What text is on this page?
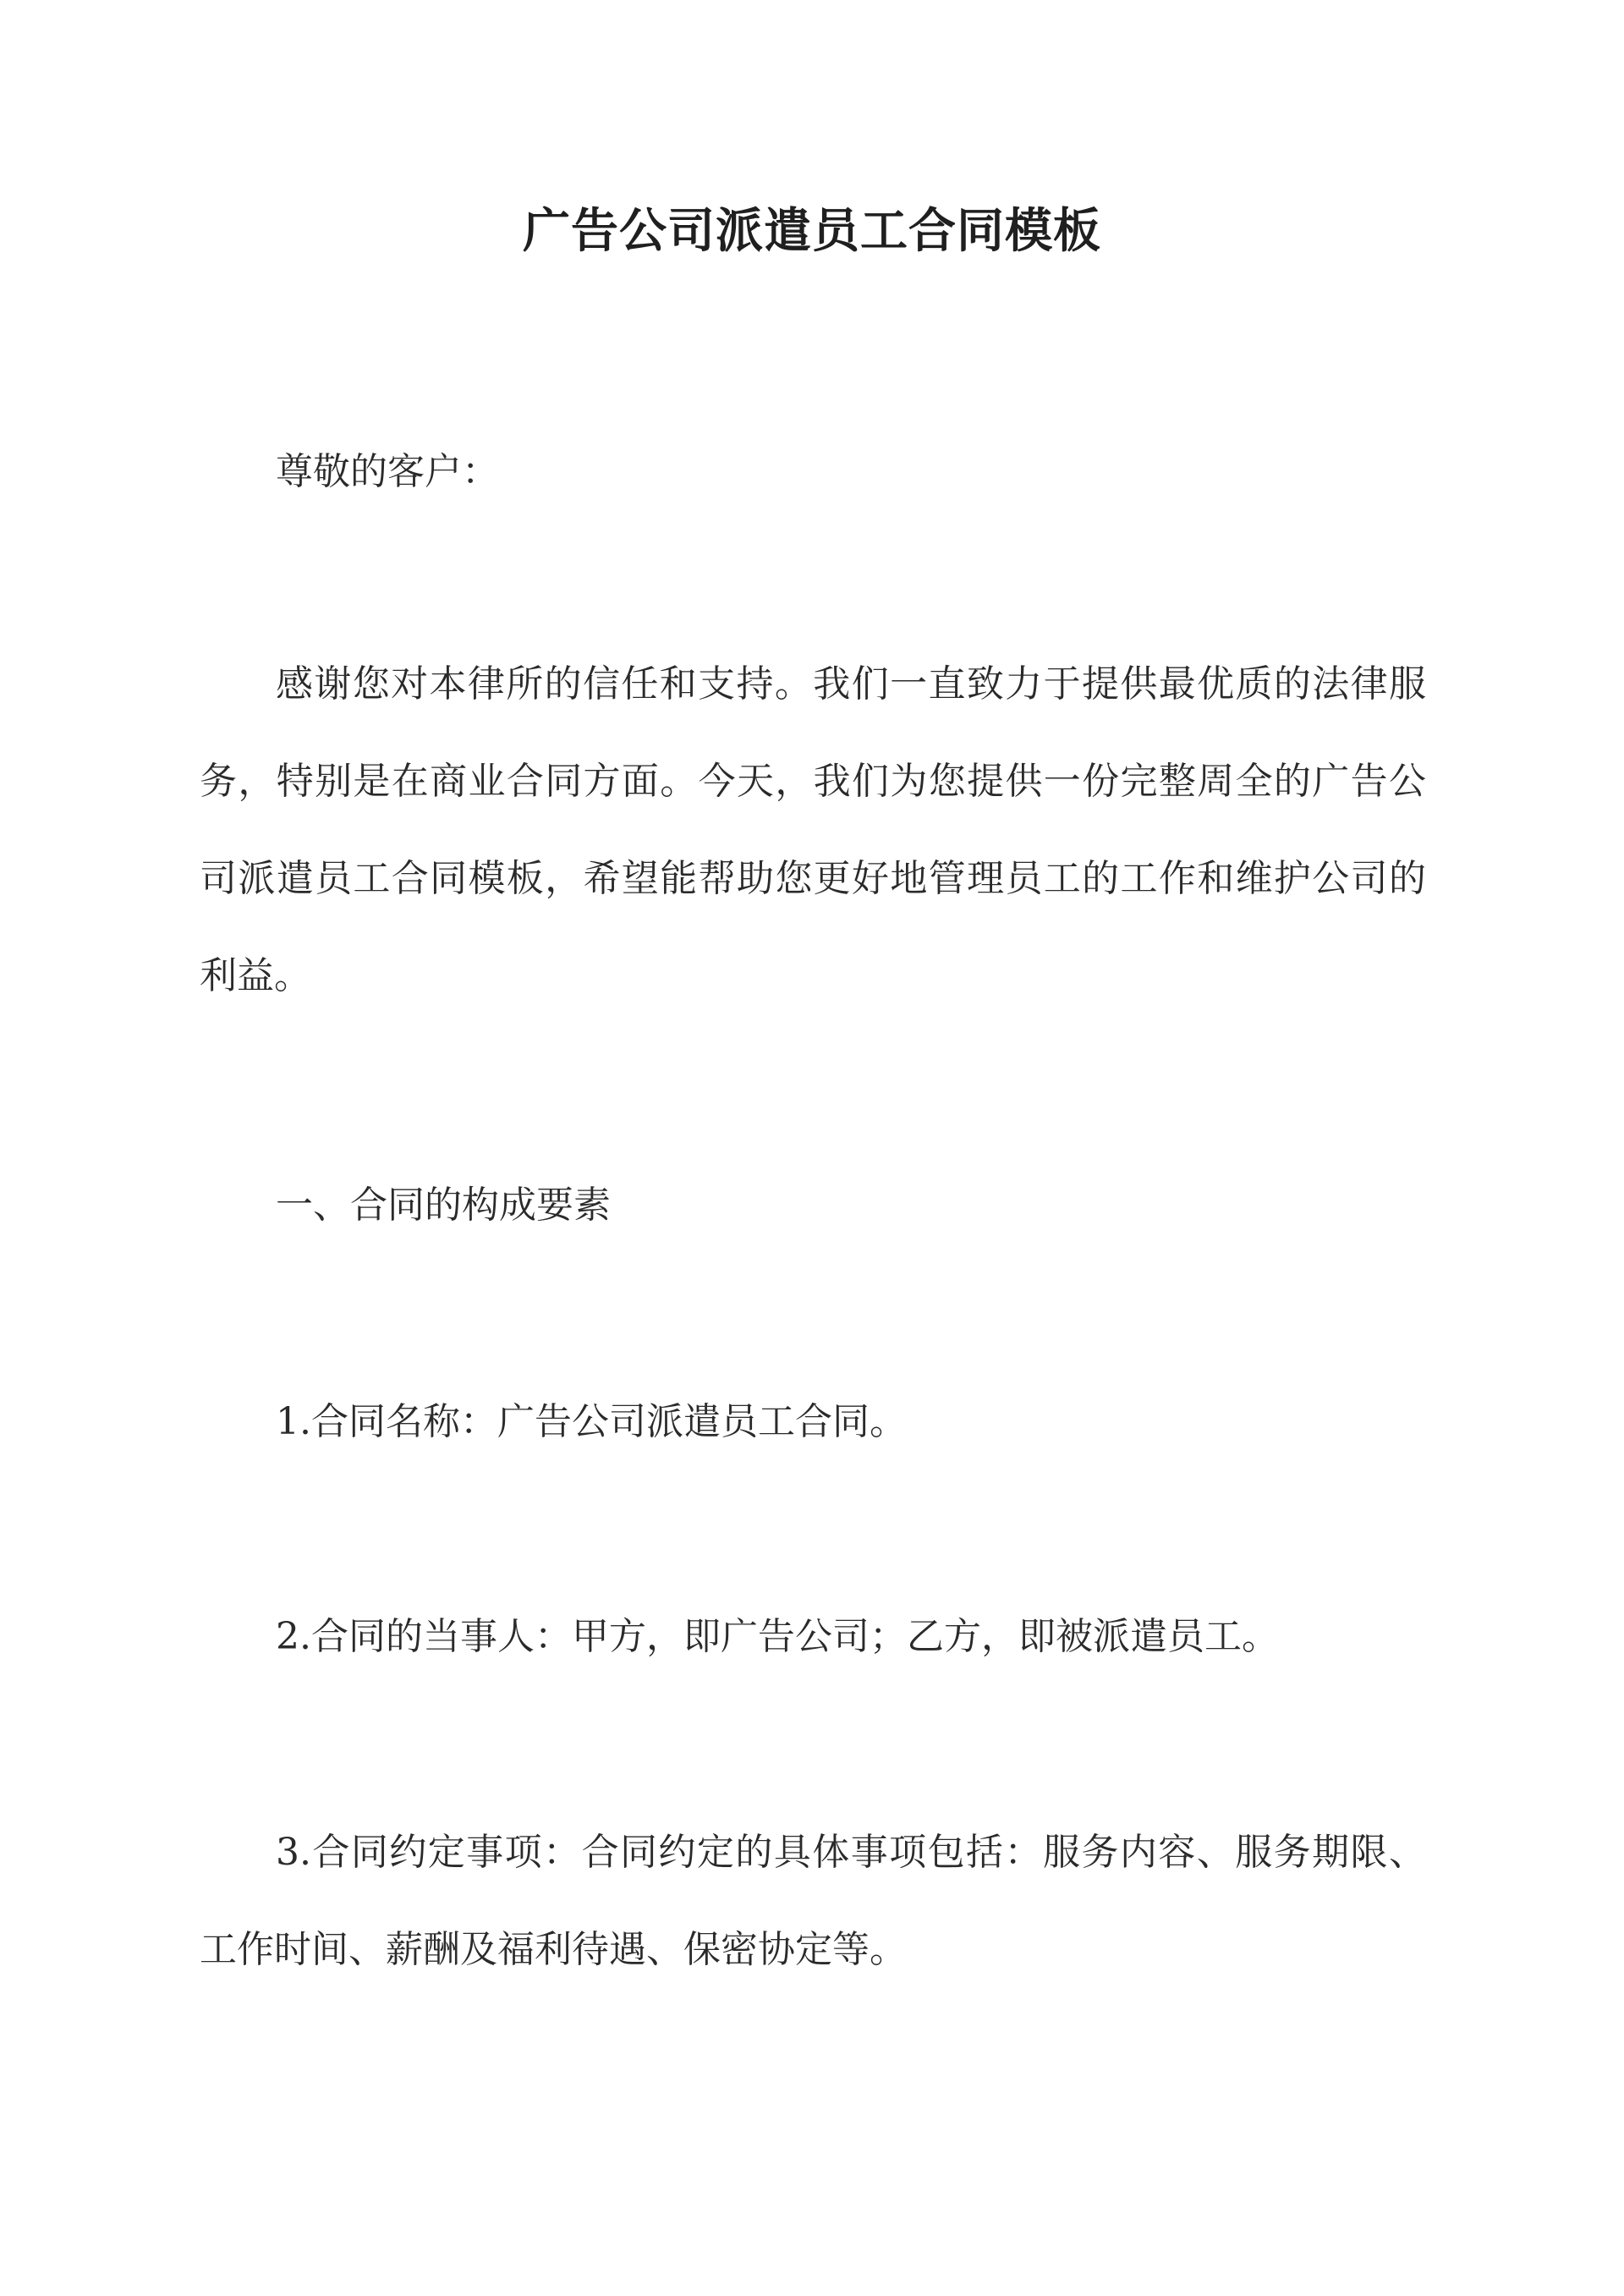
广告公司派遣员工合同模板

尊敬的客户：

感谢您对本律所的信任和支持。我们一直致力于提供最优质的法律服务，特别是在商业合同方面。今天，我们为您提供一份完整周全的广告公司派遣员工合同模板，希望能帮助您更好地管理员工的工作和维护公司的利益。

一、合同的构成要素

1.合同名称：广告公司派遣员工合同。

2.合同的当事人：甲方，即广告公司；乙方，即被派遣员工。

3.合同约定事项：合同约定的具体事项包括：服务内容、服务期限、工作时间、薪酬及福利待遇、保密协定等。
